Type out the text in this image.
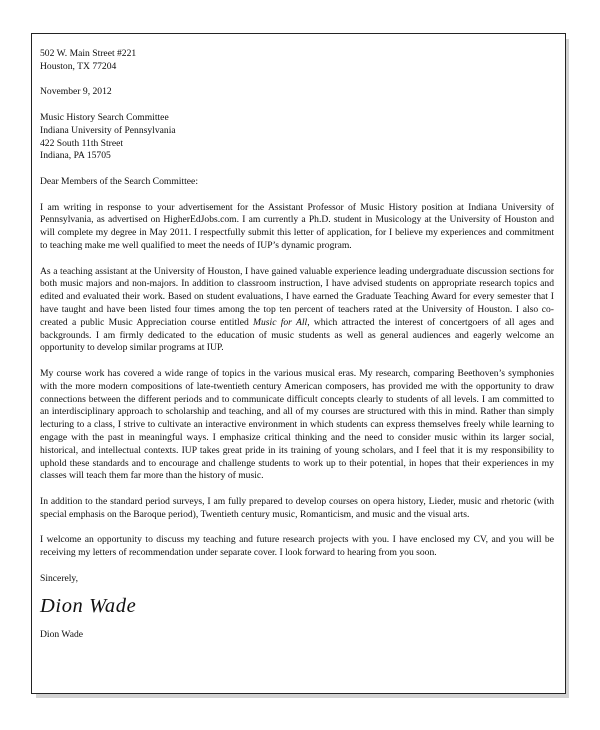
502 W. Main Street #221
Houston, TX 77204
November 9, 2012
Music History Search Committee
Indiana University of Pennsylvania
422 South 11th Street
Indiana, PA 15705
Dear Members of the Search Committee:

I am writing in response to your advertisement for the Assistant Professor of Music History position at Indiana University of Pennsylvania, as advertised on HigherEdJobs.com. I am currently a Ph.D. student in Musicology at the University of Houston and will complete my degree in May 2011. I respectfully submit this letter of application, for I believe my experiences and commitment to teaching make me well qualified to meet the needs of IUP’s dynamic program.

As a teaching assistant at the University of Houston, I have gained valuable experience leading undergraduate discussion sections for both music majors and non-majors. In addition to classroom instruction, I have advised students on appropriate research topics and edited and evaluated their work. Based on student evaluations, I have earned the Graduate Teaching Award for every semester that I have taught and have been listed four times among the top ten percent of teachers rated at the University of Houston. I also co-created a public Music Appreciation course entitled Music for All, which attracted the interest of concertgoers of all ages and backgrounds. I am firmly dedicated to the education of music students as well as general audiences and eagerly welcome an opportunity to develop similar programs at IUP.

My course work has covered a wide range of topics in the various musical eras. My research, comparing Beethoven’s symphonies with the more modern compositions of late-twentieth century American composers, has provided me with the opportunity to draw connections between the different periods and to communicate difficult concepts clearly to students of all levels. I am committed to an interdisciplinary approach to scholarship and teaching, and all of my courses are structured with this in mind. Rather than simply lecturing to a class, I strive to cultivate an interactive environment in which students can express themselves freely while learning to engage with the past in meaningful ways. I emphasize critical thinking and the need to consider music within its larger social, historical, and intellectual contexts. IUP takes great pride in its training of young scholars, and I feel that it is my responsibility to uphold these standards and to encourage and challenge students to work up to their potential, in hopes that their experiences in my classes will teach them far more than the history of music.

In addition to the standard period surveys, I am fully prepared to develop courses on opera history, Lieder, music and rhetoric (with special emphasis on the Baroque period), Twentieth century music, Romanticism, and music and the visual arts.

I welcome an opportunity to discuss my teaching and future research projects with you. I have enclosed my CV, and you will be receiving my letters of recommendation under separate cover. I look forward to hearing from you soon.

Sincerely,
Dion Wade
Dion Wade
